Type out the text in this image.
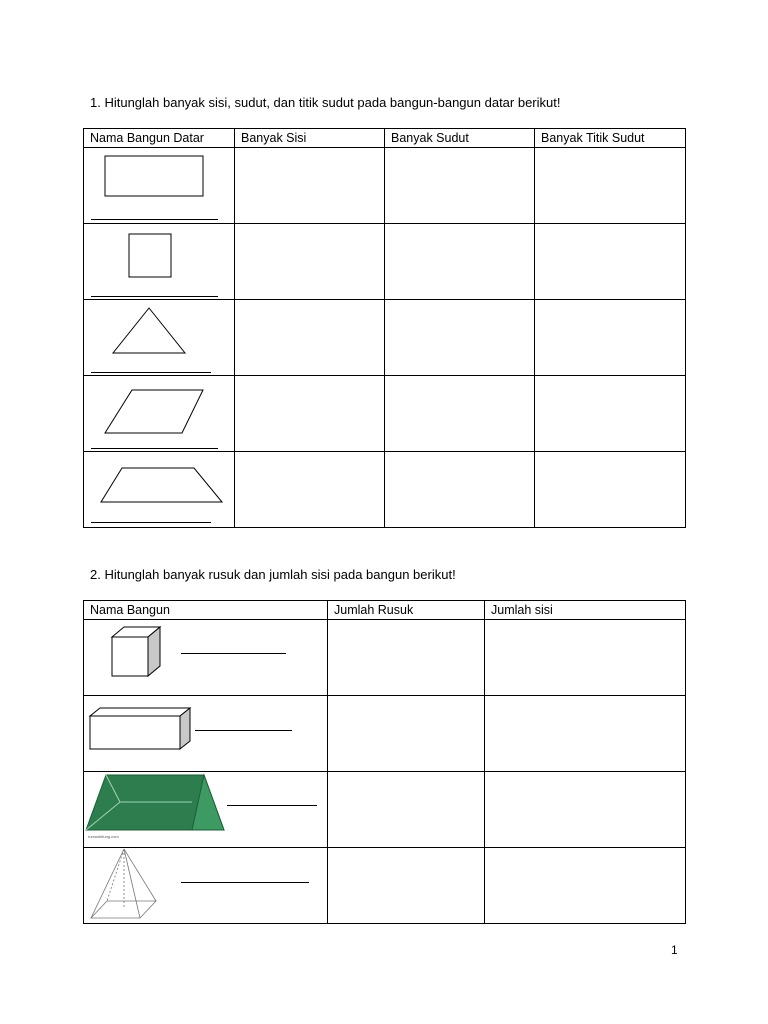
1. Hitunglah banyak sisi, sudut, dan titik sudut pada bangun-bangun datar berikut!

Nama Bangun Datar	Banyak Sisi	Banyak Sudut	Banyak Titik Sudut

2. Hitunglah banyak rusuk dan jumlah sisi pada bangun berikut!

Nama Bangun	Jumlah Rusuk	Jumlah sisi

rumushitung.com		

1
